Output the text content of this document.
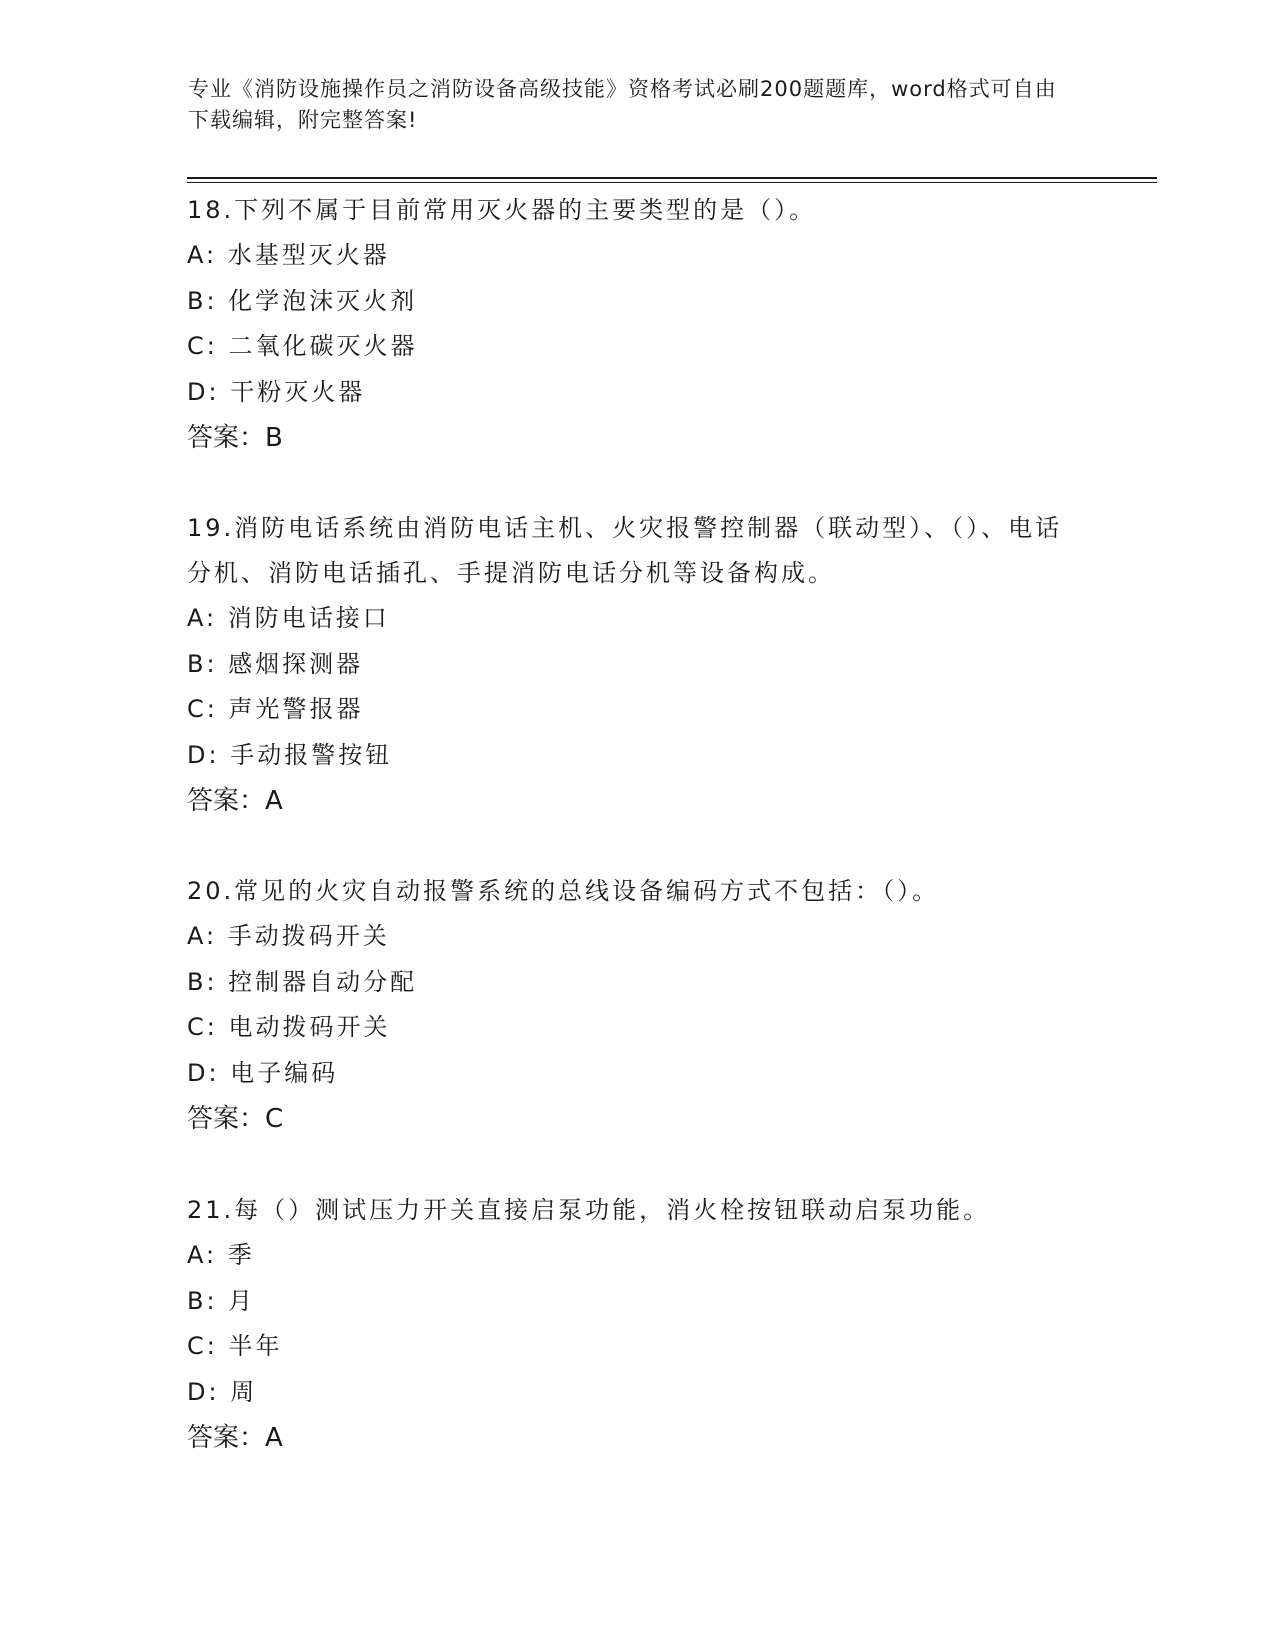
专业《消防设施操作员之消防设备高级技能》资格考试必刷200题题库，word格式可自由下载编辑，附完整答案!

18.下列不属于目前常用灭火器的主要类型的是（）。

A: 水基型灭火器

B: 化学泡沫灭火剂

C: 二氧化碳灭火器

D: 干粉灭火器

答案：B

19.消防电话系统由消防电话主机、火灾报警控制器（联动型）、（）、电话分机、消防电话插孔、手提消防电话分机等设备构成。

A: 消防电话接口

B: 感烟探测器

C: 声光警报器

D: 手动报警按钮

答案：A

20.常见的火灾自动报警系统的总线设备编码方式不包括：（）。

A: 手动拨码开关

B: 控制器自动分配

C: 电动拨码开关

D: 电子编码

答案：C

21.每（）测试压力开关直接启泵功能，消火栓按钮联动启泵功能。

A: 季

B: 月

C: 半年

D: 周

答案：A
